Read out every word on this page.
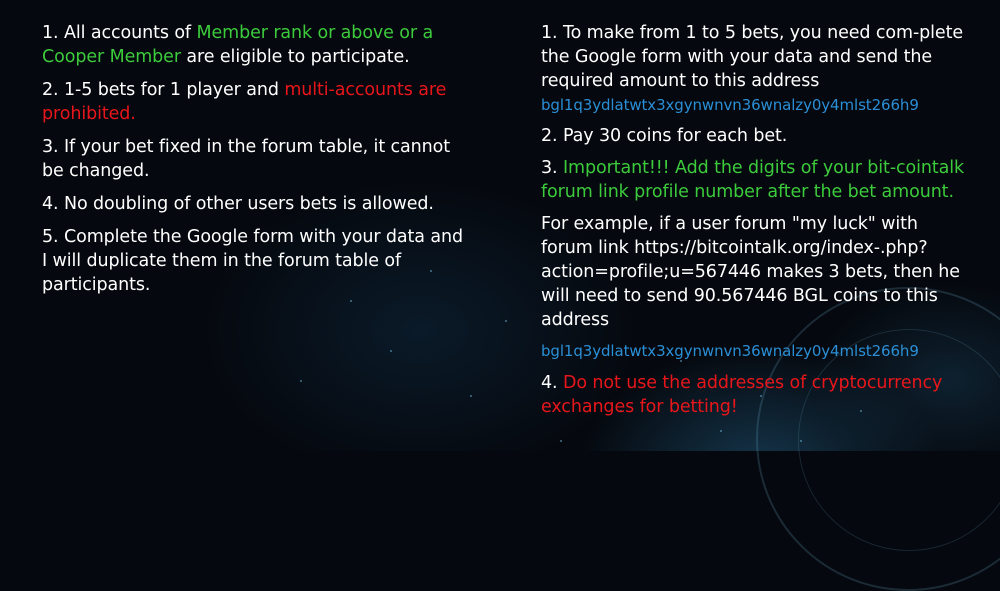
1. All accounts of Member rank or above or a Cooper Member are eligible to participate.
2. 1-5 bets for 1 player and multi-accounts are prohibited.
3. If your bet fixed in the forum table, it cannot be changed.
4. No doubling of other users bets is allowed.
5. Complete the Google form with your data and I will duplicate them in the forum table of participants.
1. To make from 1 to 5 bets, you need com-plete the Google form with your data and send the required amount to this address
bgl1q3ydlatwtx3xgynwnvn36wnalzy0y4mlst266h9
2. Pay 30 coins for each bet.
3. Important!!! Add the digits of your bit-cointalk forum link profile number after the bet amount.
For example, if a user forum "my luck" with forum link https://bitcointalk.org/index-.php?action=profile;u=567446 makes 3 bets, then he will need to send 90.567446 BGL coins to this address
bgl1q3ydlatwtx3xgynwnvn36wnalzy0y4mlst266h9
4. Do not use the addresses of cryptocurrency exchanges for betting!
